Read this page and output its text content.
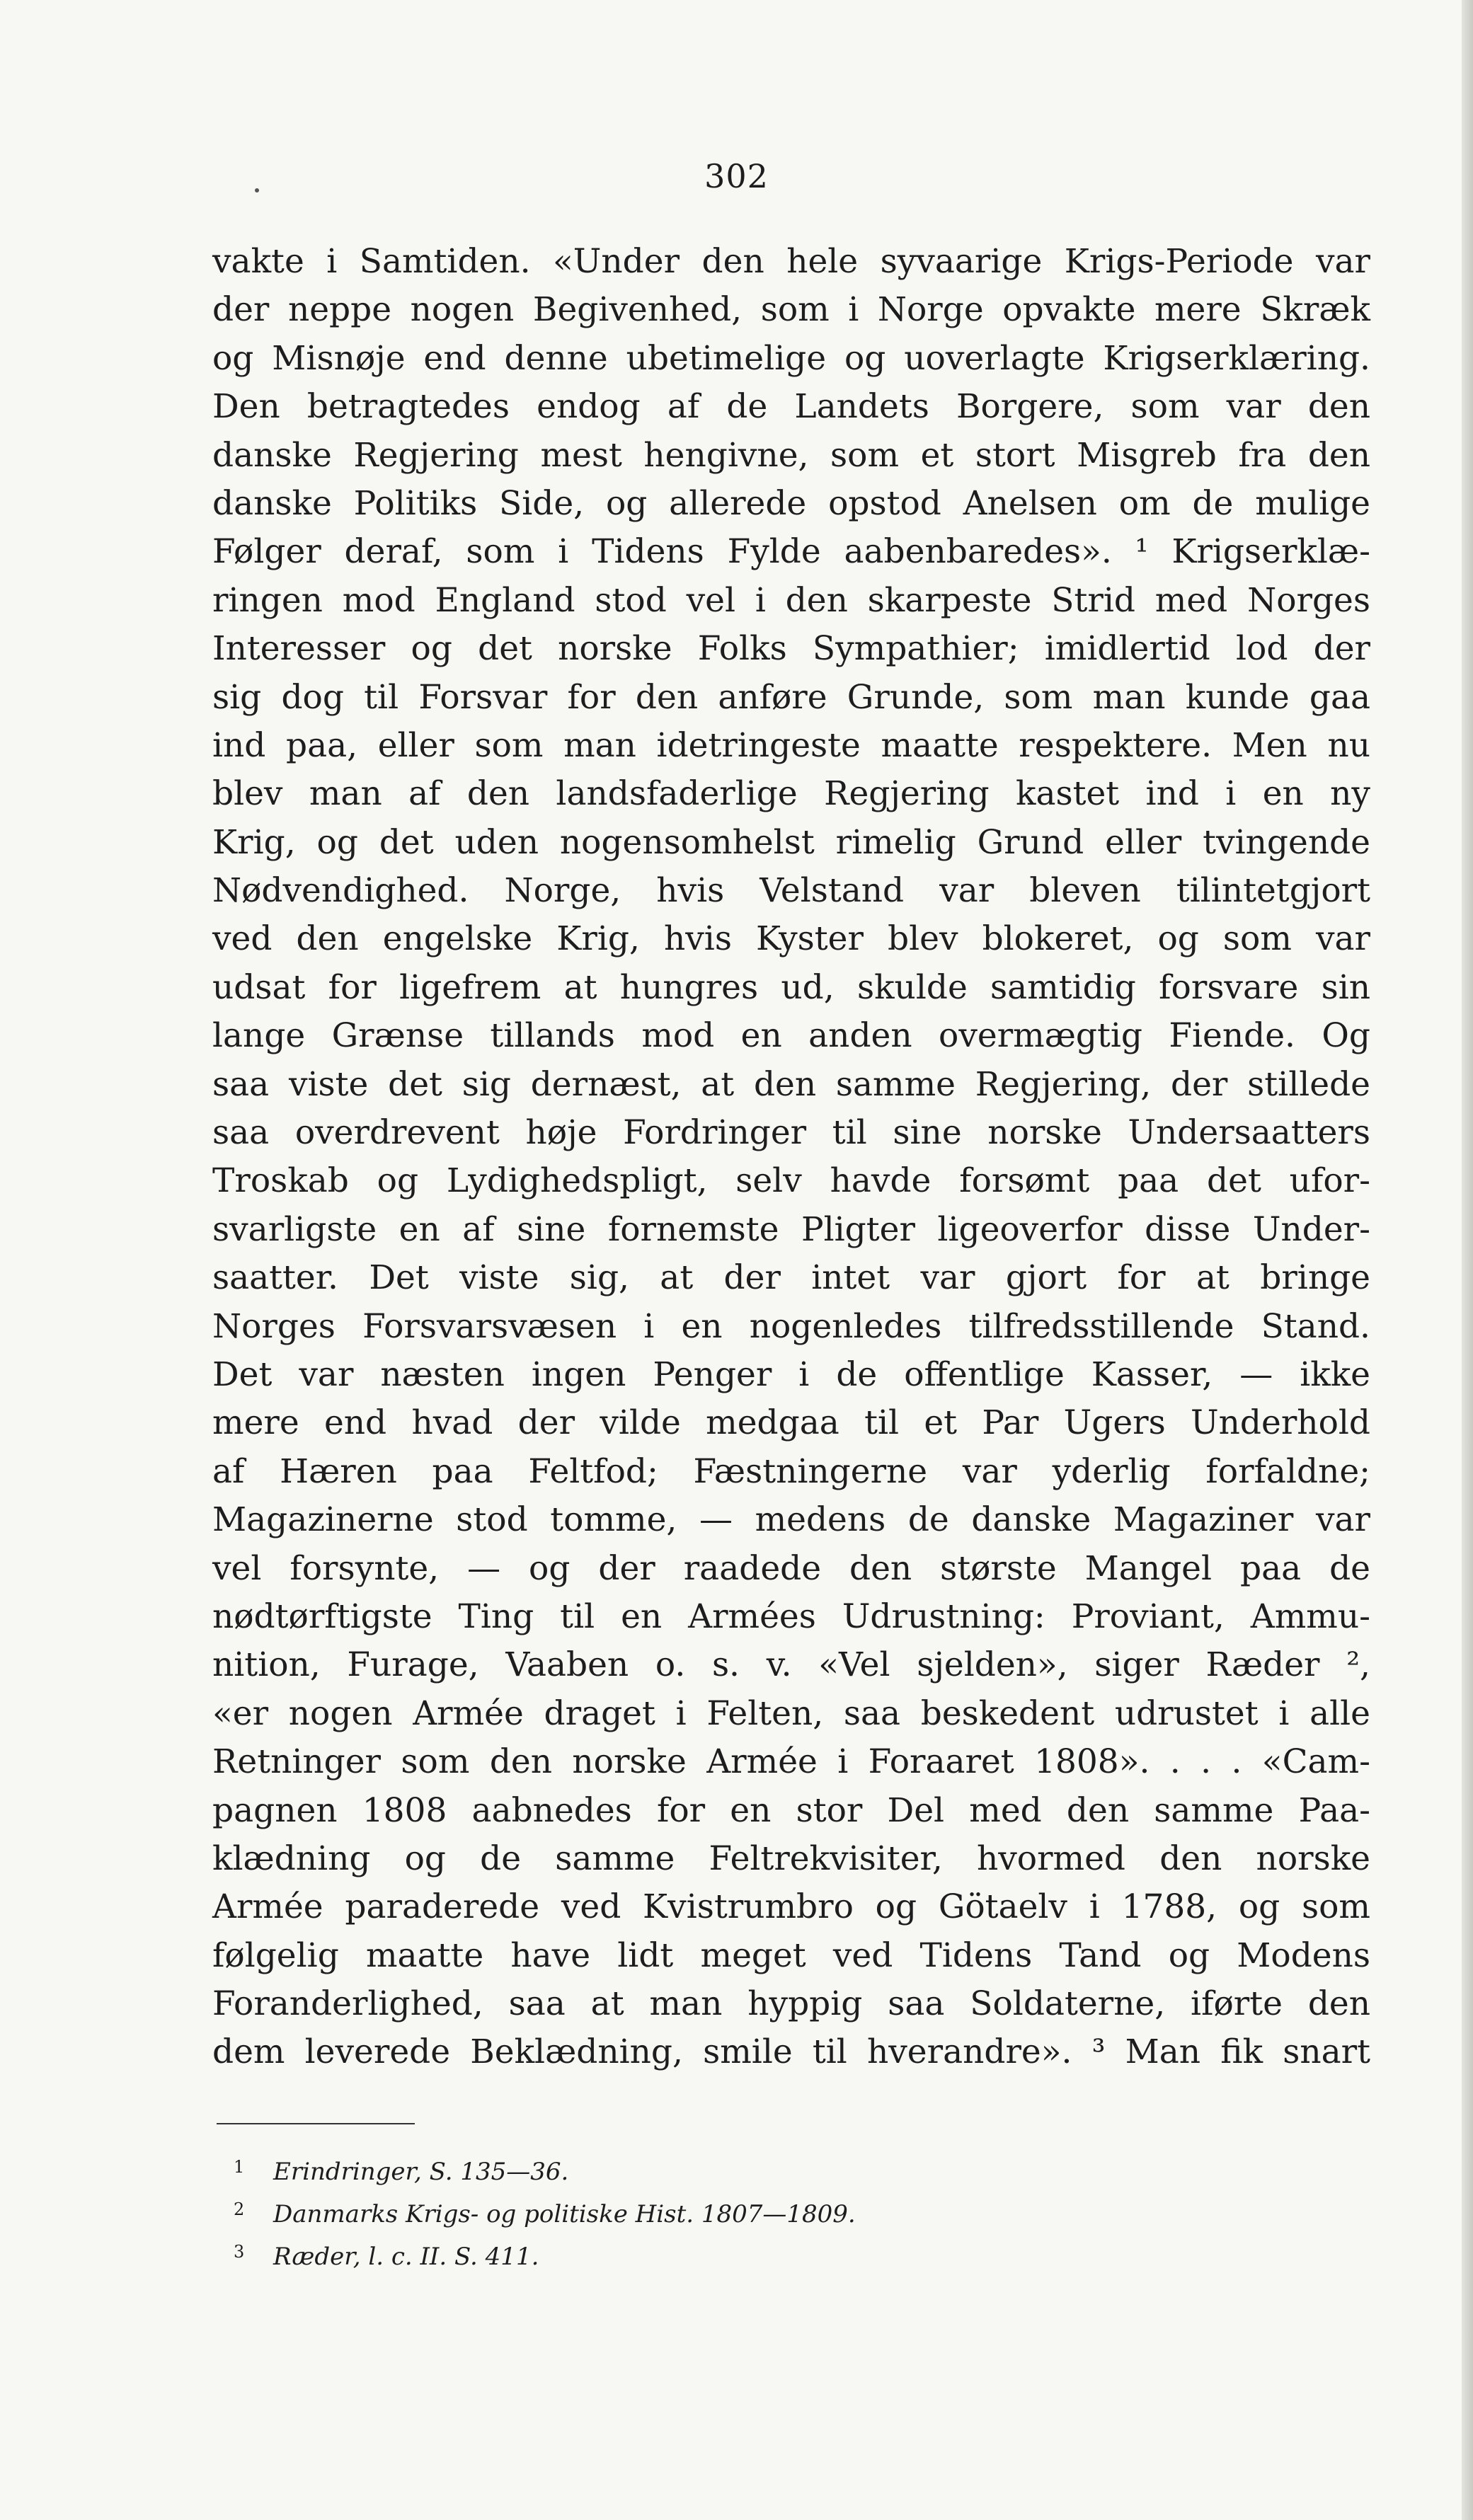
302
vakte i Samtiden. «Under den hele syvaarige Krigs-Periode var
der neppe nogen Begivenhed, som i Norge opvakte mere Skræk
og Misnøje end denne ubetimelige og uoverlagte Krigserklæring.
Den betragtedes endog af de Landets Borgere, som var den
danske Regjering mest hengivne, som et stort Misgreb fra den
danske Politiks Side, og allerede opstod Anelsen om de mulige
Følger deraf, som i Tidens Fylde aabenbaredes». ¹ Krigserklæ-
ringen mod England stod vel i den skarpeste Strid med Norges
Interesser og det norske Folks Sympathier; imidlertid lod der
sig dog til Forsvar for den anføre Grunde, som man kunde gaa
ind paa, eller som man idetringeste maatte respektere. Men nu
blev man af den landsfaderlige Regjering kastet ind i en ny
Krig, og det uden nogensomhelst rimelig Grund eller tvingende
Nødvendighed. Norge, hvis Velstand var bleven tilintetgjort
ved den engelske Krig, hvis Kyster blev blokeret, og som var
udsat for ligefrem at hungres ud, skulde samtidig forsvare sin
lange Grænse tillands mod en anden overmægtig Fiende. Og
saa viste det sig dernæst, at den samme Regjering, der stillede
saa overdrevent høje Fordringer til sine norske Undersaatters
Troskab og Lydighedspligt, selv havde forsømt paa det ufor-
svarligste en af sine fornemste Pligter ligeoverfor disse Under-
saatter. Det viste sig, at der intet var gjort for at bringe
Norges Forsvarsvæsen i en nogenledes tilfredsstillende Stand.
Det var næsten ingen Penger i de offentlige Kasser, — ikke
mere end hvad der vilde medgaa til et Par Ugers Underhold
af Hæren paa Feltfod; Fæstningerne var yderlig forfaldne;
Magazinerne stod tomme, — medens de danske Magaziner var
vel forsynte, — og der raadede den største Mangel paa de
nødtørftigste Ting til en Armées Udrustning: Proviant, Ammu-
nition, Furage, Vaaben o. s. v. «Vel sjelden», siger Ræder ²,
«er nogen Armée draget i Felten, saa beskedent udrustet i alle
Retninger som den norske Armée i Foraaret 1808». . . . «Cam-
pagnen 1808 aabnedes for en stor Del med den samme Paa-
klædning og de samme Feltrekvisiter, hvormed den norske
Armée paraderede ved Kvistrumbro og Götaelv i 1788, og som
følgelig maatte have lidt meget ved Tidens Tand og Modens
Foranderlighed, saa at man hyppig saa Soldaterne, iførte den
dem leverede Beklædning, smile til hverandre». ³ Man fik snart
1 Erindringer, S. 135—36.
2 Danmarks Krigs- og politiske Hist. 1807—1809.
3 Ræder, l. c. II. S. 411.
